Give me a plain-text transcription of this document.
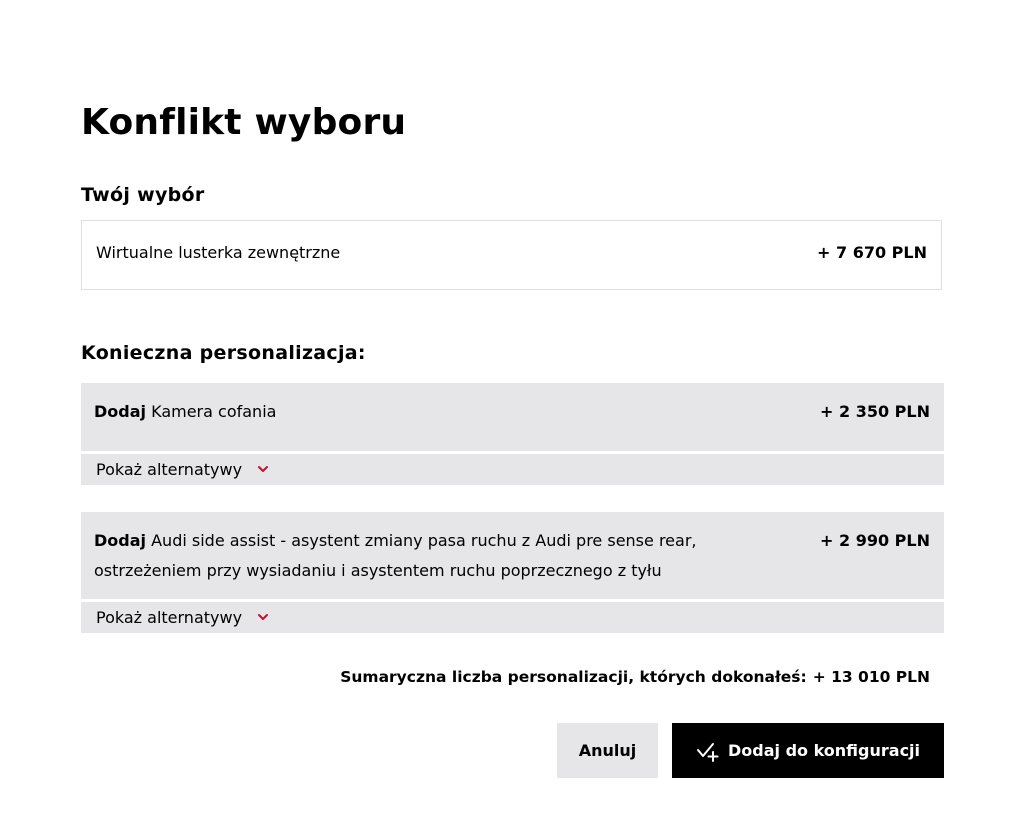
Konflikt wyboru
Twój wybór
Wirtualne lusterka zewnętrzne	+ 7 670 PLN
Konieczna personalizacja:
Dodaj Kamera cofania	+ 2 350 PLN
Pokaż alternatywy
Dodaj Audi side assist - asystent zmiany pasa ruchu z Audi pre sense rear, ostrzeżeniem przy wysiadaniu i asystentem ruchu poprzecznego z tyłu
+ 2 990 PLN
Pokaż alternatywy
Sumaryczna liczba personalizacji, których dokonałeś: + 13 010 PLN
Anuluj	Dodaj do konfiguracji
